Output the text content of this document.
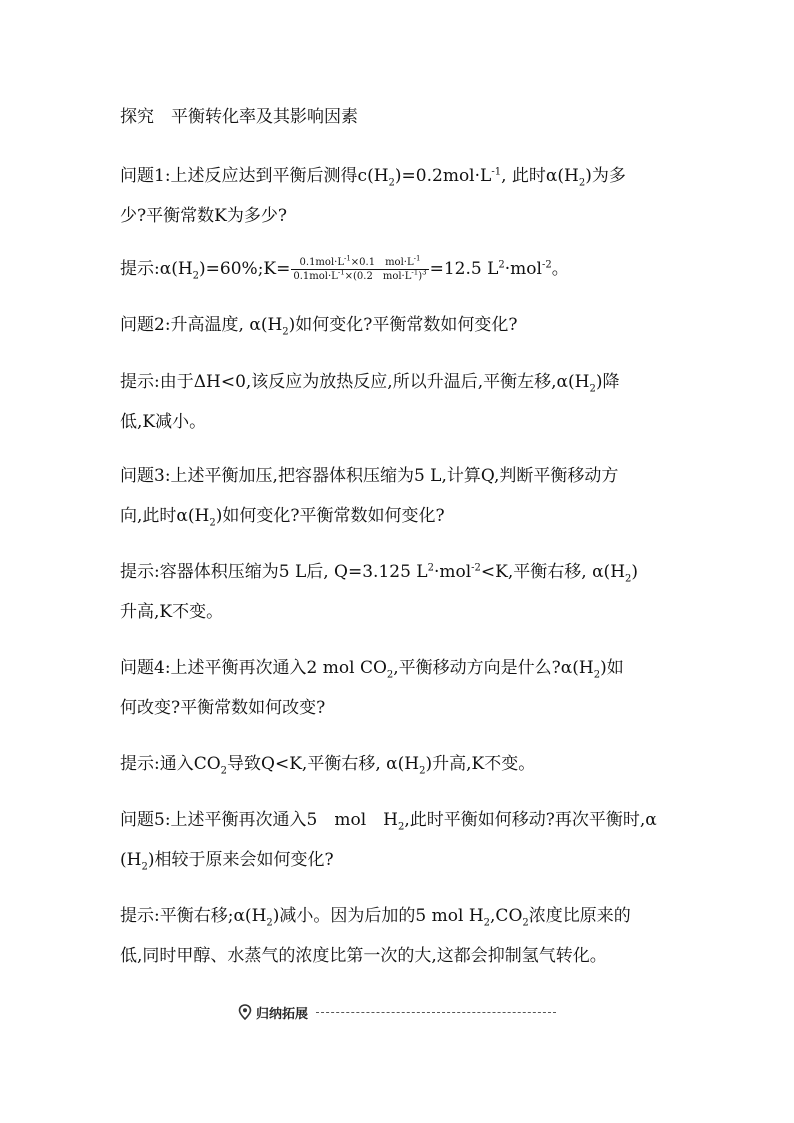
探究　平衡转化率及其影响因素

问题1:上述反应达到平衡后测得$c(H_2)=0.2mol\cdot L^{-1}$, 此时$\alpha(H_2)$为多
少?平衡常数K为多少?

提示$:\alpha(H_2)=60\%;K= \frac{0.1mol\cdot L^{-1}\times 0.1 mol\cdot L^{-1}}{0.1mol\cdot L^{-1}\times(0.2 mol\cdot L^{-1})^3} =12.5$ $L^2\cdot mol^{-2}$。

问题2:升高温度, $\alpha(H_2)$如何变化?平衡常数如何变化?

提示:由于ΔH<0,该反应为放热反应,所以升温后,平衡左移$,\alpha(H_2)$降
低,K减小。

问题3:上述平衡加压,把容器体积压缩为5 L,计算Q,判断平衡移动方
向,此时$\alpha(H_2)$如何变化?平衡常数如何变化?

提示:容器体积压缩为5 L后, Q=3.125 $L^2\cdot mol^{-2}<K$,平衡右移, $\alpha(H_2)$
升高,K不变。

问题4:上述平衡再次通入2 mol $CO_2$,平衡移动方向是什么$?\alpha(H_2)$如
何改变?平衡常数如何改变?

提示:通入$CO_2$导致Q<K,平衡右移, $\alpha(H_2)$升高,K不变。

问题5:上述平衡再次通入5　mol　$H_2$,此时平衡如何移动?再次平衡时,α
$(H_2)$相较于原来会如何变化?

提示:平衡右移$;\alpha(H_2)$减小。因为后加的5 mol $H_2,CO_2$浓度比原来的
低,同时甲醇、水蒸气的浓度比第一次的大,这都会抑制氢气转化。

归纳拓展
